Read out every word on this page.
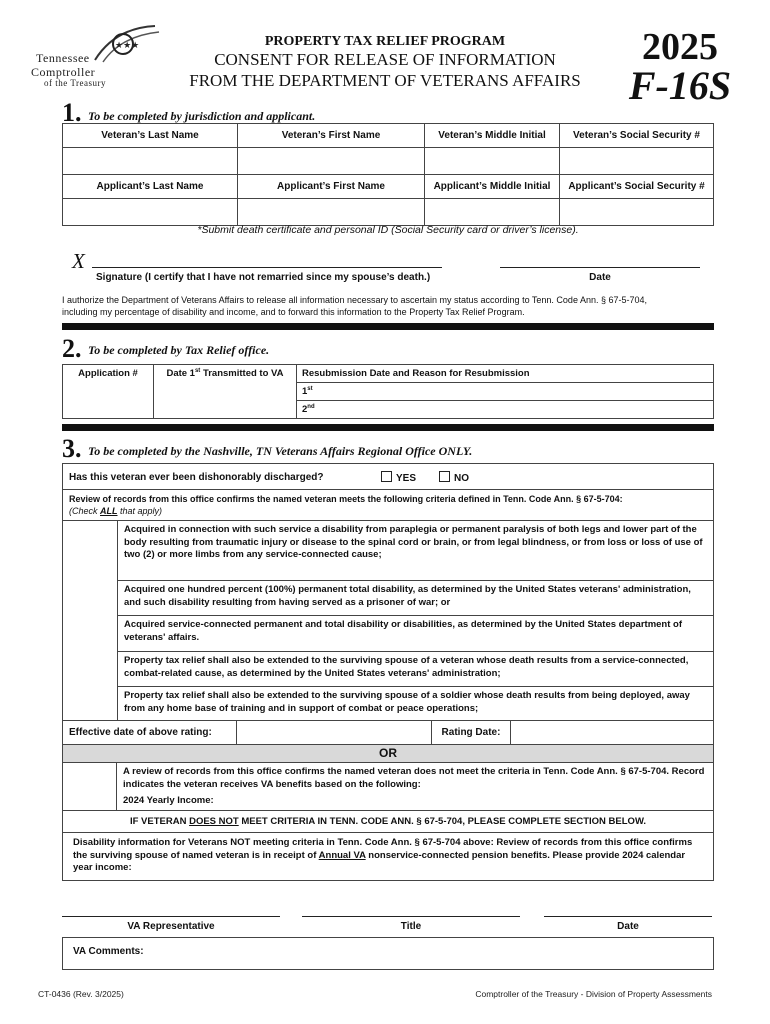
★★★
Tennessee
Comptroller
of the Treasury
PROPERTY TAX RELIEF PROGRAM
CONSENT FOR RELEASE OF INFORMATION
FROM THE DEPARTMENT OF VETERANS AFFAIRS
2025
F-16S
1. To be completed by jurisdiction and applicant.
Veteran’s Last Name	Veteran’s First Name	Veteran’s Middle Initial	Veteran’s Social Security #

Applicant’s Last Name	Applicant’s First Name	Applicant’s Middle Initial	Applicant’s Social Security #

*Submit death certificate and personal ID (Social Security card or driver’s license).
X
Signature (I certify that I have not remarried since my spouse’s death.)	Date
I authorize the Department of Veterans Affairs to release all information necessary to ascertain my status according to Tenn. Code Ann. § 67-5-704,
including my percentage of disability and income, and to forward this information to the Property Tax Relief Program.
2. To be completed by Tax Relief office.
Application #	Date 1st Transmitted to VA	Resubmission Date and Reason for Resubmission
1st
2nd
3. To be completed by the Nashville, TN Veterans Affairs Regional Office ONLY.
Has this veteran ever been dishonorably discharged?	YES	NO
Review of records from this office confirms the named veteran meets the following criteria defined in Tenn. Code Ann. § 67-5-704:
(Check ALL that apply)
Acquired in connection with such service a disability from paraplegia or permanent paralysis of both legs and lower part of the body resulting from traumatic injury or disease to the spinal cord or brain, or from legal blindness, or from loss or loss of use of two (2) or more limbs from any service-connected cause;
Acquired one hundred percent (100%) permanent total disability, as determined by the United States veterans' administration, and such disability resulting from having served as a prisoner of war; or
Acquired service-connected permanent and total disability or disabilities, as determined by the United States department of veterans' affairs.
Property tax relief shall also be extended to the surviving spouse of a veteran whose death results from a service-connected, combat-related cause, as determined by the United States veterans' administration;
Property tax relief shall also be extended to the surviving spouse of a soldier whose death results from being deployed, away from any home base of training and in support of combat or peace operations;
Effective date of above rating:	Rating Date:
OR
A review of records from this office confirms the named veteran does not meet the criteria in Tenn. Code Ann. § 67-5-704. Record indicates the veteran receives VA benefits based on the following:
2024 Yearly Income:
IF VETERAN DOES NOT MEET CRITERIA IN TENN. CODE ANN. § 67-5-704, PLEASE COMPLETE SECTION BELOW.
Disability information for Veterans NOT meeting criteria in Tenn. Code Ann. § 67-5-704 above: Review of records from this office confirms the surviving spouse of named veteran is in receipt of Annual VA nonservice-connected pension benefits. Please provide 2024 calendar year income:
VA Representative	Title	Date
VA Comments:
CT-0436 (Rev. 3/2025)	Comptroller of the Treasury - Division of Property Assessments
